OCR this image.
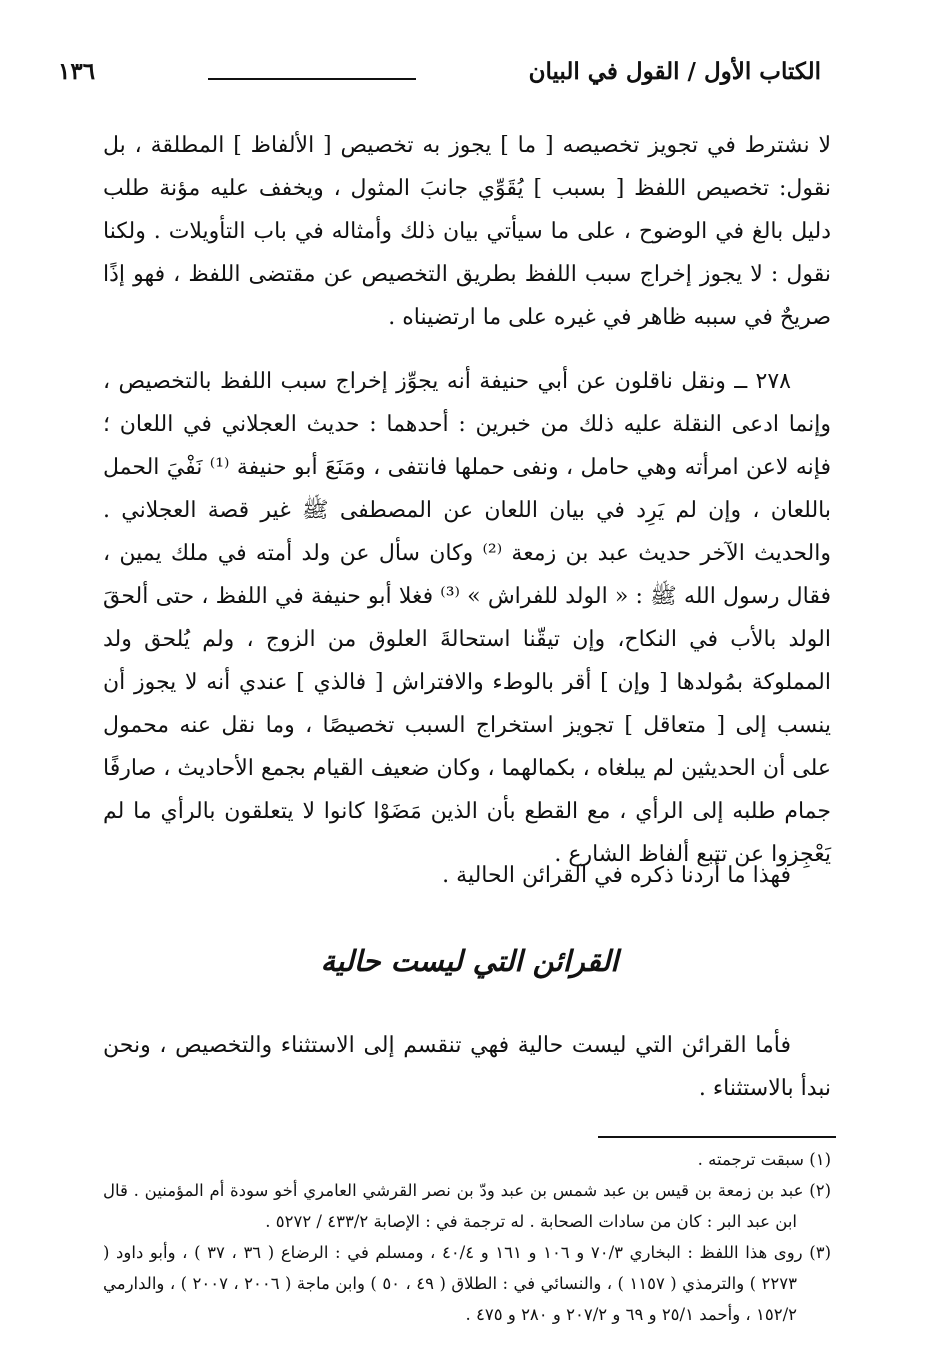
الكتاب الأول / القول في البيان
١٣٦

لا نشترط في تجويز تخصيصه [ ما ] يجوز به تخصيص [ الألفاظ ] المطلقة ، بل نقول: تخصيص اللفظ [ بسبب ] يُقَوِّي جانبَ المثول ، ويخفف عليه مؤنة طلب دليل بالغ في الوضوح ، على ما سيأتي بيان ذلك وأمثاله في باب التأويلات . ولكنا نقول : لا يجوز إخراج سبب اللفظ بطريق التخصيص عن مقتضى اللفظ ، فهو إذًا صريحٌ في سببه ظاهر في غيره على ما ارتضيناه .

٢٧٨ ــ ونقل ناقلون عن أبي حنيفة أنه يجوِّز إخراج سبب اللفظ بالتخصيص ، وإنما ادعى النقلة عليه ذلك من خبرين : أحدهما : حديث العجلاني في اللعان ؛ فإنه لاعن امرأته وهي حامل ، ونفى حملها فانتفى ، ومَنَعَ أبو حنيفة ⁽¹⁾ نَفْيَ الحمل باللعان ، وإن لم يَرِد في بيان اللعان عن المصطفى ﷺ غير قصة العجلاني . والحديث الآخر حديث عبد بن زمعة ⁽²⁾ وكان سأل عن ولد أمته في ملك يمين ، فقال رسول الله ﷺ : « الولد للفراش » ⁽³⁾ فغلا أبو حنيفة في اللفظ ، حتى ألحقَ الولد بالأب في النكاح، وإن تيقّنا استحالةَ العلوق من الزوج ، ولم يُلحق ولد المملوكة بمُولدها [ وإن ] أقر بالوطء والافتراش [ فالذي ] عندي أنه لا يجوز أن ينسب إلى [ متعاقل ] تجويز استخراج السبب تخصيصًا ، وما نقل عنه محمول على أن الحديثين لم يبلغاه ، بكمالهما ، وكان ضعيف القيام بجمع الأحاديث ، صارفًا جمام طلبه إلى الرأي ، مع القطع بأن الذين مَضَوْا كانوا لا يتعلقون بالرأي ما لم يَعْجِزوا عن تتبع ألفاظ الشارع .

فهذا ما أردنا ذكره في القرائن الحالية .

القرائن التي ليست حالية

فأما القرائن التي ليست حالية فهي تنقسم إلى الاستثناء والتخصيص ، ونحن نبدأ بالاستثناء .

(١) سبقت ترجمته .

(٢) عبد بن زمعة بن قيس بن عبد شمس بن عبد ودّ بن نصر القرشي العامري أخو سودة أم المؤمنين . قال ابن عبد البر : كان من سادات الصحابة . له ترجمة في : الإصابة ٤٣٣/٢ / ٥٢٧٢ .

(٣) روى هذا اللفظ : البخاري ٧٠/٣ و ١٠٦ و ١٦١ و ٤٠/٤ ، ومسلم في : الرضاع ( ٣٦ ، ٣٧ ) ، وأبو داود ( ٢٢٧٣ ) والترمذي ( ١١٥٧ ) ، والنسائي في : الطلاق ( ٤٩ ، ٥٠ ) وابن ماجة ( ٢٠٠٦ ، ٢٠٠٧ ) ، والدارمي ١٥٢/٢ ، وأحمد ٢٥/١ و ٦٩ و ٢٠٧/٢ و ٢٨٠ و ٤٧٥ .
